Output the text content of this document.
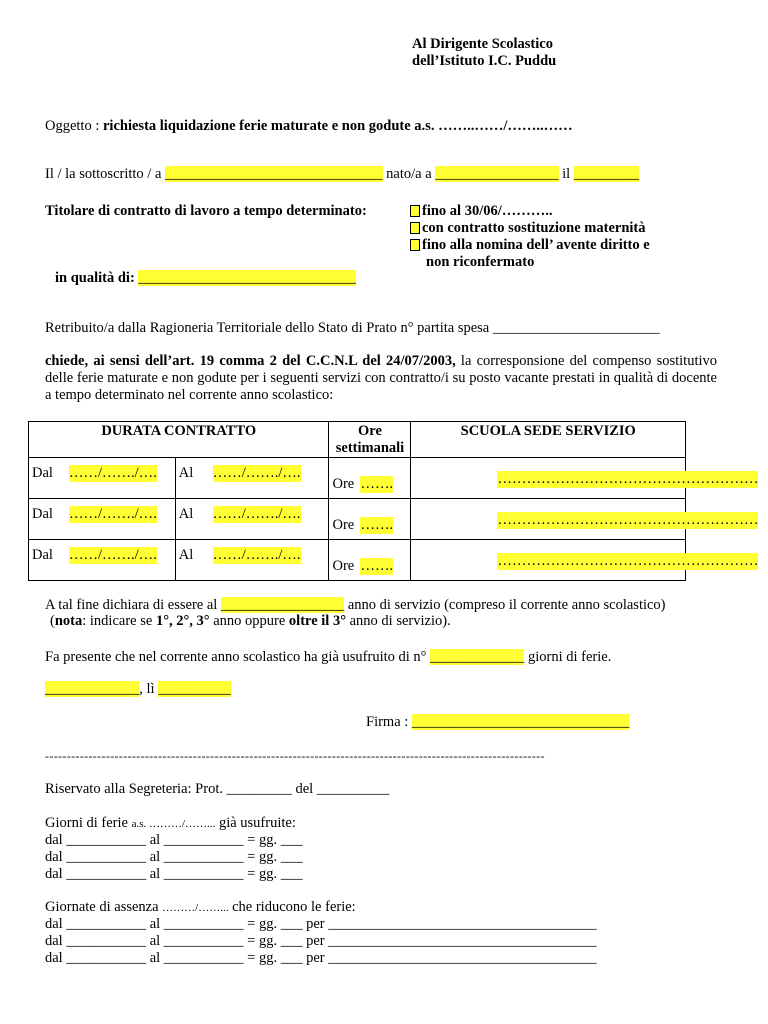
Al Dirigente Scolastico
dell’Istituto I.C. Puddu
Oggetto : richiesta liquidazione ferie maturate e non godute a.s. ……..……/……..……
Il / la sottoscritto / a ______________________________ nato/a a _________________ il _________
Titolare di contratto di lavoro a tempo determinato:	fino al 30/06/………..
con contratto sostituzione maternità
fino alla nomina dell’ avente diritto e
non riconfermato
in qualità di: ______________________________
Retribuito/a dalla Ragioneria Territoriale dello Stato di Prato n° partita spesa _______________________
chiede, ai sensi dell’art. 19 comma 2 del C.C.N.L del 24/07/2003, la corresponsione del compenso sostitutivo delle ferie maturate e non godute per i seguenti servizi con contratto/i su posto vacante prestati in qualità di docente a tempo determinato nel corrente anno scolastico:
DURATA CONTRATTO		Ore settimanali	SCUOLA SEDE SERVIZIO

Dal ……/……./….	Al ……/……./….	Ore …….	………………………………………………

Dal ……/……./….	Al ……/……./….	Ore …….	………………………………………………

Dal ……/……./….	Al ……/……./….	Ore …….	………………………………………………
A tal fine dichiara di essere al _________________ anno di servizio (compreso il corrente anno scolastico)
(nota: indicare se 1°, 2°, 3° anno oppure oltre il 3° anno di servizio).
Fa presente che nel corrente anno scolastico ha già usufruito di n° _____________ giorni di ferie.
_____________, lì __________
Firma : ______________________________
-------------------------------------------------------------------------------------------------------------------
Riservato alla Segreteria: Prot. _________ del __________
Giorni di ferie a.s. ………/……... già usufruite:
dal ___________ al ___________ = gg. ___
dal ___________ al ___________ = gg. ___
dal ___________ al ___________ = gg. ___
Giornate di assenza ………/……... che riducono le ferie:
dal ___________ al ___________ = gg. ___ per _____________________________________
dal ___________ al ___________ = gg. ___ per _____________________________________
dal ___________ al ___________ = gg. ___ per _____________________________________
